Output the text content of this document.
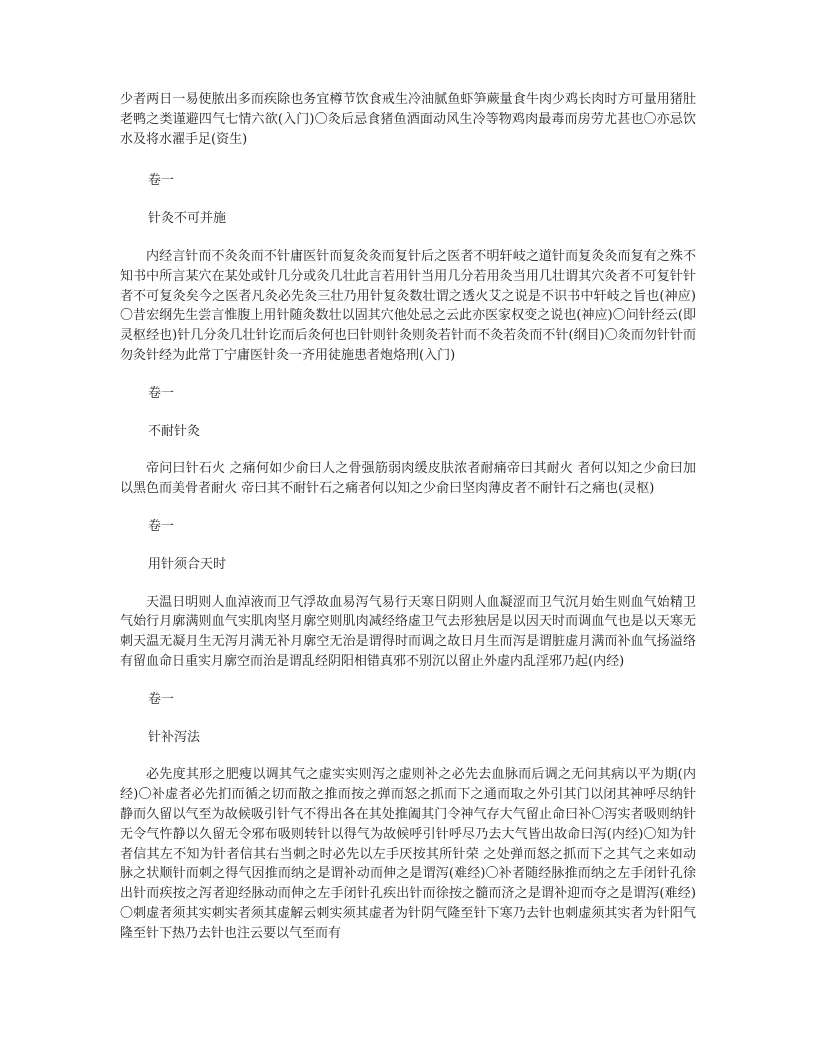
少者两日一易使脓出多而疾除也务宜樽节饮食戒生冷油腻鱼虾笋蕨量食牛肉少鸡长肉时方可量用猪肚老鸭之类谨避四气七情六欲(入门)〇灸后忌食猪鱼酒面动风生冷等物鸡肉最毒而房劳尤甚也〇亦忌饮水及将水濯手足(资生)

卷一

针灸不可并施

内经言针而不灸灸而不针庸医针而复灸灸而复针后之医者不明轩岐之道针而复灸灸而复有之殊不知书中所言某穴在某处或针几分或灸几壮此言若用针当用几分若用灸当用几壮谓其穴灸者不可复针针者不可复灸矣今之医者凡灸必先灸三壮乃用针复灸数壮谓之透火艾之说是不识书中轩岐之旨也(神应)〇昔宏纲先生尝言惟腹上用针随灸数壮以固其穴他处忌之云此亦医家权变之说也(神应)〇问针经云(即灵枢经也)针几分灸几壮针讫而后灸何也曰针则针灸则灸若针而不灸若灸而不针(纲目)〇灸而勿针针而勿灸针经为此常丁宁庸医针灸一齐用徒施患者炮烙刑(入门)

卷一

不耐针灸

帝问曰针石火 之痛何如少俞曰人之骨强筋弱肉缓皮肤浓者耐痛帝曰其耐火 者何以知之少俞曰加以黑色而美骨者耐火 帝曰其不耐针石之痛者何以知之少俞曰坚肉薄皮者不耐针石之痛也(灵枢)

卷一

用针须合天时

天温日明则人血淖液而卫气浮故血易泻气易行天寒日阴则人血凝涩而卫气沉月始生则血气始精卫气始行月廓满则血气实肌肉坚月廓空则肌肉减经络虚卫气去形独居是以因天时而调血气也是以天寒无刺天温无凝月生无泻月满无补月廓空无治是谓得时而调之故日月生而泻是谓脏虚月满而补血气扬溢络有留血命日重实月廓空而治是谓乱经阴阳相错真邪不别沉以留止外虚内乱淫邪乃起(内经)

卷一

针补泻法

必先度其形之肥瘦以调其气之虚实实则泻之虚则补之必先去血脉而后调之无问其病以平为期(内经)〇补虚者必先扪而循之切而散之推而按之弹而怒之抓而下之通而取之外引其门以闭其神呼尽纳针静而久留以气至为故候吸引针气不得出各在其处推阖其门令神气存大气留止命曰补〇泻实者吸则纳针无令气忤静以久留无令邪布吸则转针以得气为故候呼引针呼尽乃去大气皆出故命曰泻(内经)〇知为针者信其左不知为针者信其右当刺之时必先以左手厌按其所针荣 之处弹而怒之抓而下之其气之来如动脉之状顺针而刺之得气因推而纳之是谓补动而伸之是谓泻(难经)〇补者随经脉推而纳之左手闭针孔徐出针而疾按之泻者迎经脉动而伸之左手闭针孔疾出针而徐按之髓而济之是谓补迎而夺之是谓泻(难经)〇刺虚者须其实刺实者须其虚解云刺实须其虚者为针阴气隆至针下寒乃去针也刺虚须其实者为针阳气隆至针下热乃去针也注云要以气至而有
